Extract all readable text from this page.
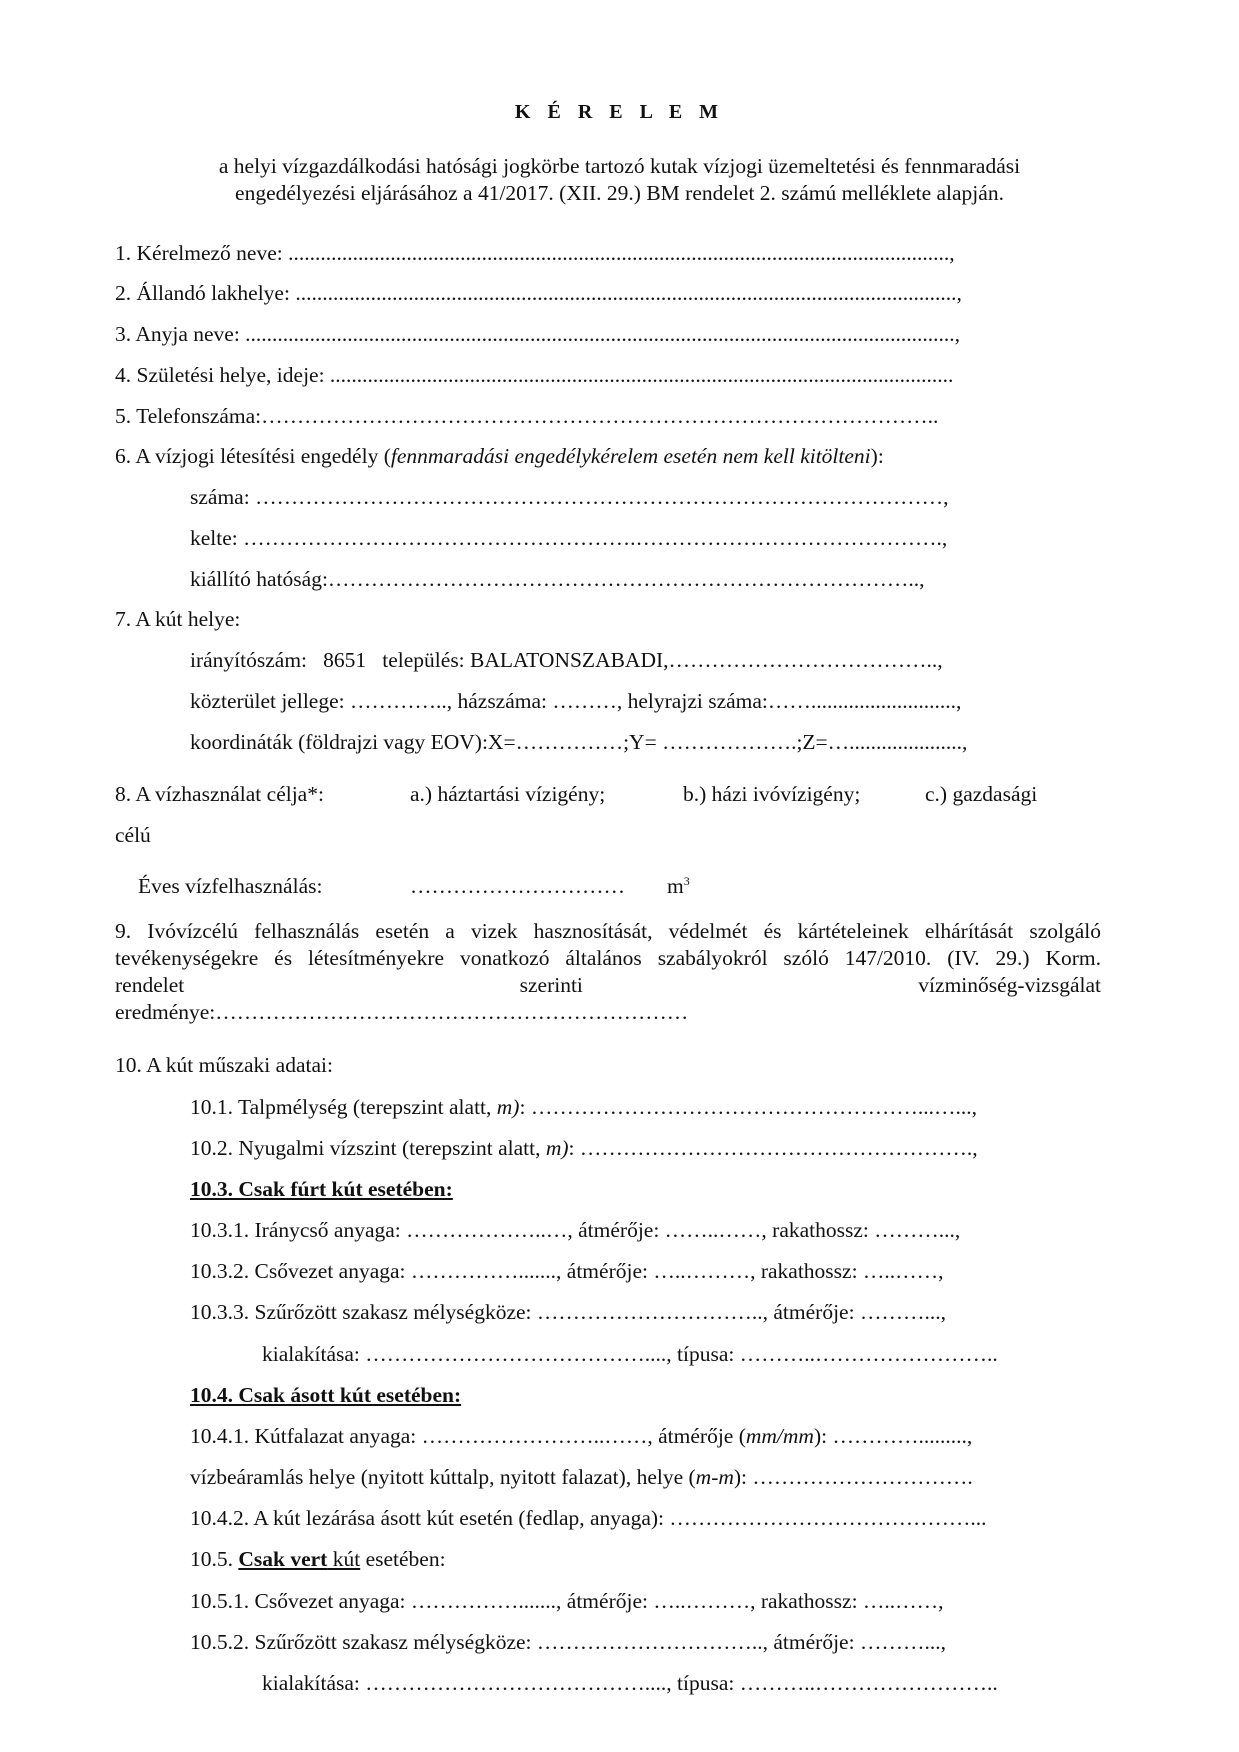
K É R E L E M
a helyi vízgazdálkodási hatósági jogkörbe tartozó kutak vízjogi üzemeltetési és fennmaradási
engedélyezési eljárásához a 41/2017. (XII. 29.) BM rendelet 2. számú melléklete alapján.
1. Kérelmező neve: ...........................................................................................................................,
2. Állandó lakhelye: ...........................................................................................................................,
3. Anyja neve: ....................................................................................................................................,
4. Születési helye, ideje: ....................................................................................................................
5. Telefonszáma:…………………………………………………………………………………..
6. A vízjogi létesítési engedély (fennmaradási engedélykérelem esetén nem kell kitölteni):
száma: ……………………………………………………………………………………,
kelte: ……………………………………………….…………………………………….,
kiállító hatóság:………………………………………………………………………..,
7. A kút helye:
irányítószám:   8651   település: BALATONSZABADI,………………………………..,
közterület jellege: ………….., házszáma: ………, helyrajzi száma:……...........................,
koordináták (földrajzi vagy EOV):X=……………;Y= ……………….;Z=….....................,
8. A vízhasználat célja*:	a.) háztartási vízigény;	b.) házi ivóvízigény;	c.) gazdasági
célú
Éves vízfelhasználás:	………………………… $m^3$
9. Ivóvízcélú felhasználás esetén a vizek hasznosítását, védelmét és kártételeinek elhárítását szolgáló
tevékenységekre és létesítményekre vonatkozó általános szabályokról szóló 147/2010. (IV. 29.) Korm.
rendelet szerinti vízminőség-vizsgálat
eredménye:…………………………………………………………
10. A kút műszaki adatai:
10.1. Talpmélység (terepszint alatt, m): ………………………………………………...…...,
10.2. Nyugalmi vízszint (terepszint alatt, m): ……………………………………………….,
10.3. Csak fúrt kút esetében:
10.3.1. Iránycső anyaga: ………………..…, átmérője: ……..……, rakathossz: ………...,
10.3.2. Csővezet anyaga: ……………......., átmérője: …..………, rakathossz: …..……,
10.3.3. Szűrőzött szakasz mélységköze: ………………………….., átmérője: ………...,
kialakítása: …………………………………...., típusa: ………..……………………..
10.4. Csak ásott kút esetében:
10.4.1. Kútfalazat anyaga: ……………………..……, átmérője (mm/mm): ………….........,
vízbeáramlás helye (nyitott kúttalp, nyitott falazat), helye (m-m): ………………………….
10.4.2. A kút lezárása ásott kút esetén (fedlap, anyaga): ……………………………………...
10.5. Csak vert kút esetében:
10.5.1. Csővezet anyaga: ……………......., átmérője: …..………, rakathossz: …..……,
10.5.2. Szűrőzött szakasz mélységköze: ………………………….., átmérője: ………...,
kialakítása: …………………………………...., típusa: ………..……………………..
